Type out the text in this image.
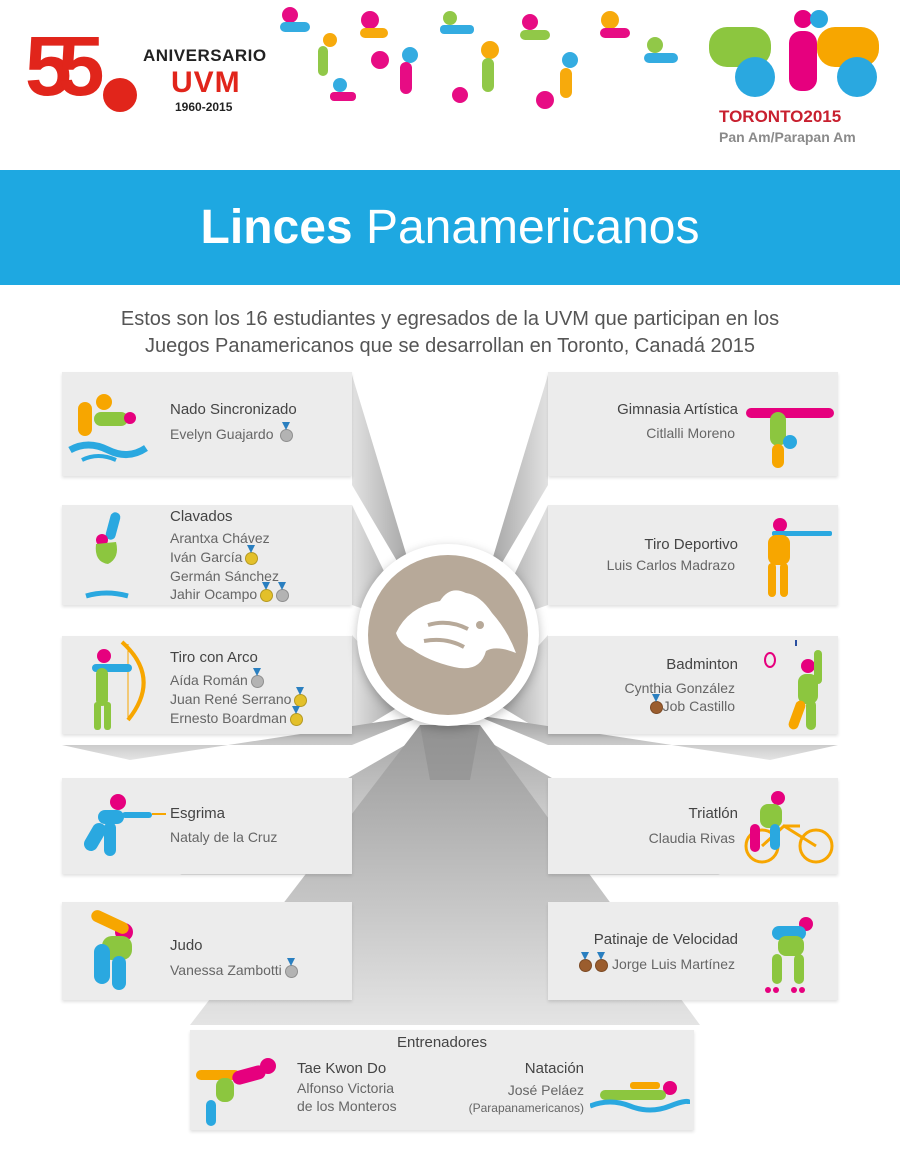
55	ANIVERSARIO
UVM
1960-2015	TORONTO2015
Pan Am/Parapan Am
Linces Panamericanos
Estos son los 16 estudiantes y egresados de la UVM que participan en los
Juegos Panamericanos que se desarrollan en Toronto, Canadá 2015
Nado Sincronizado
Evelyn Guajardo
Clavados
Arantxa Chávez
Iván García
Germán Sánchez
Jahir Ocampo
Tiro con Arco
Aída Román
Juan René Serrano
Ernesto Boardman
Esgrima
Nataly de la Cruz
Judo
Vanessa Zambotti
Gimnasia Artística
Citlalli Moreno
Tiro Deportivo
Luis Carlos Madrazo
Badminton
Cynthia González
Job Castillo
Triatlón
Claudia Rivas
Patinaje de Velocidad
Jorge Luis Martínez
Entrenadores
Tae Kwon Do
Alfonso Victoria
de los Monteros
Natación
José Peláez
(Parapanamericanos)
